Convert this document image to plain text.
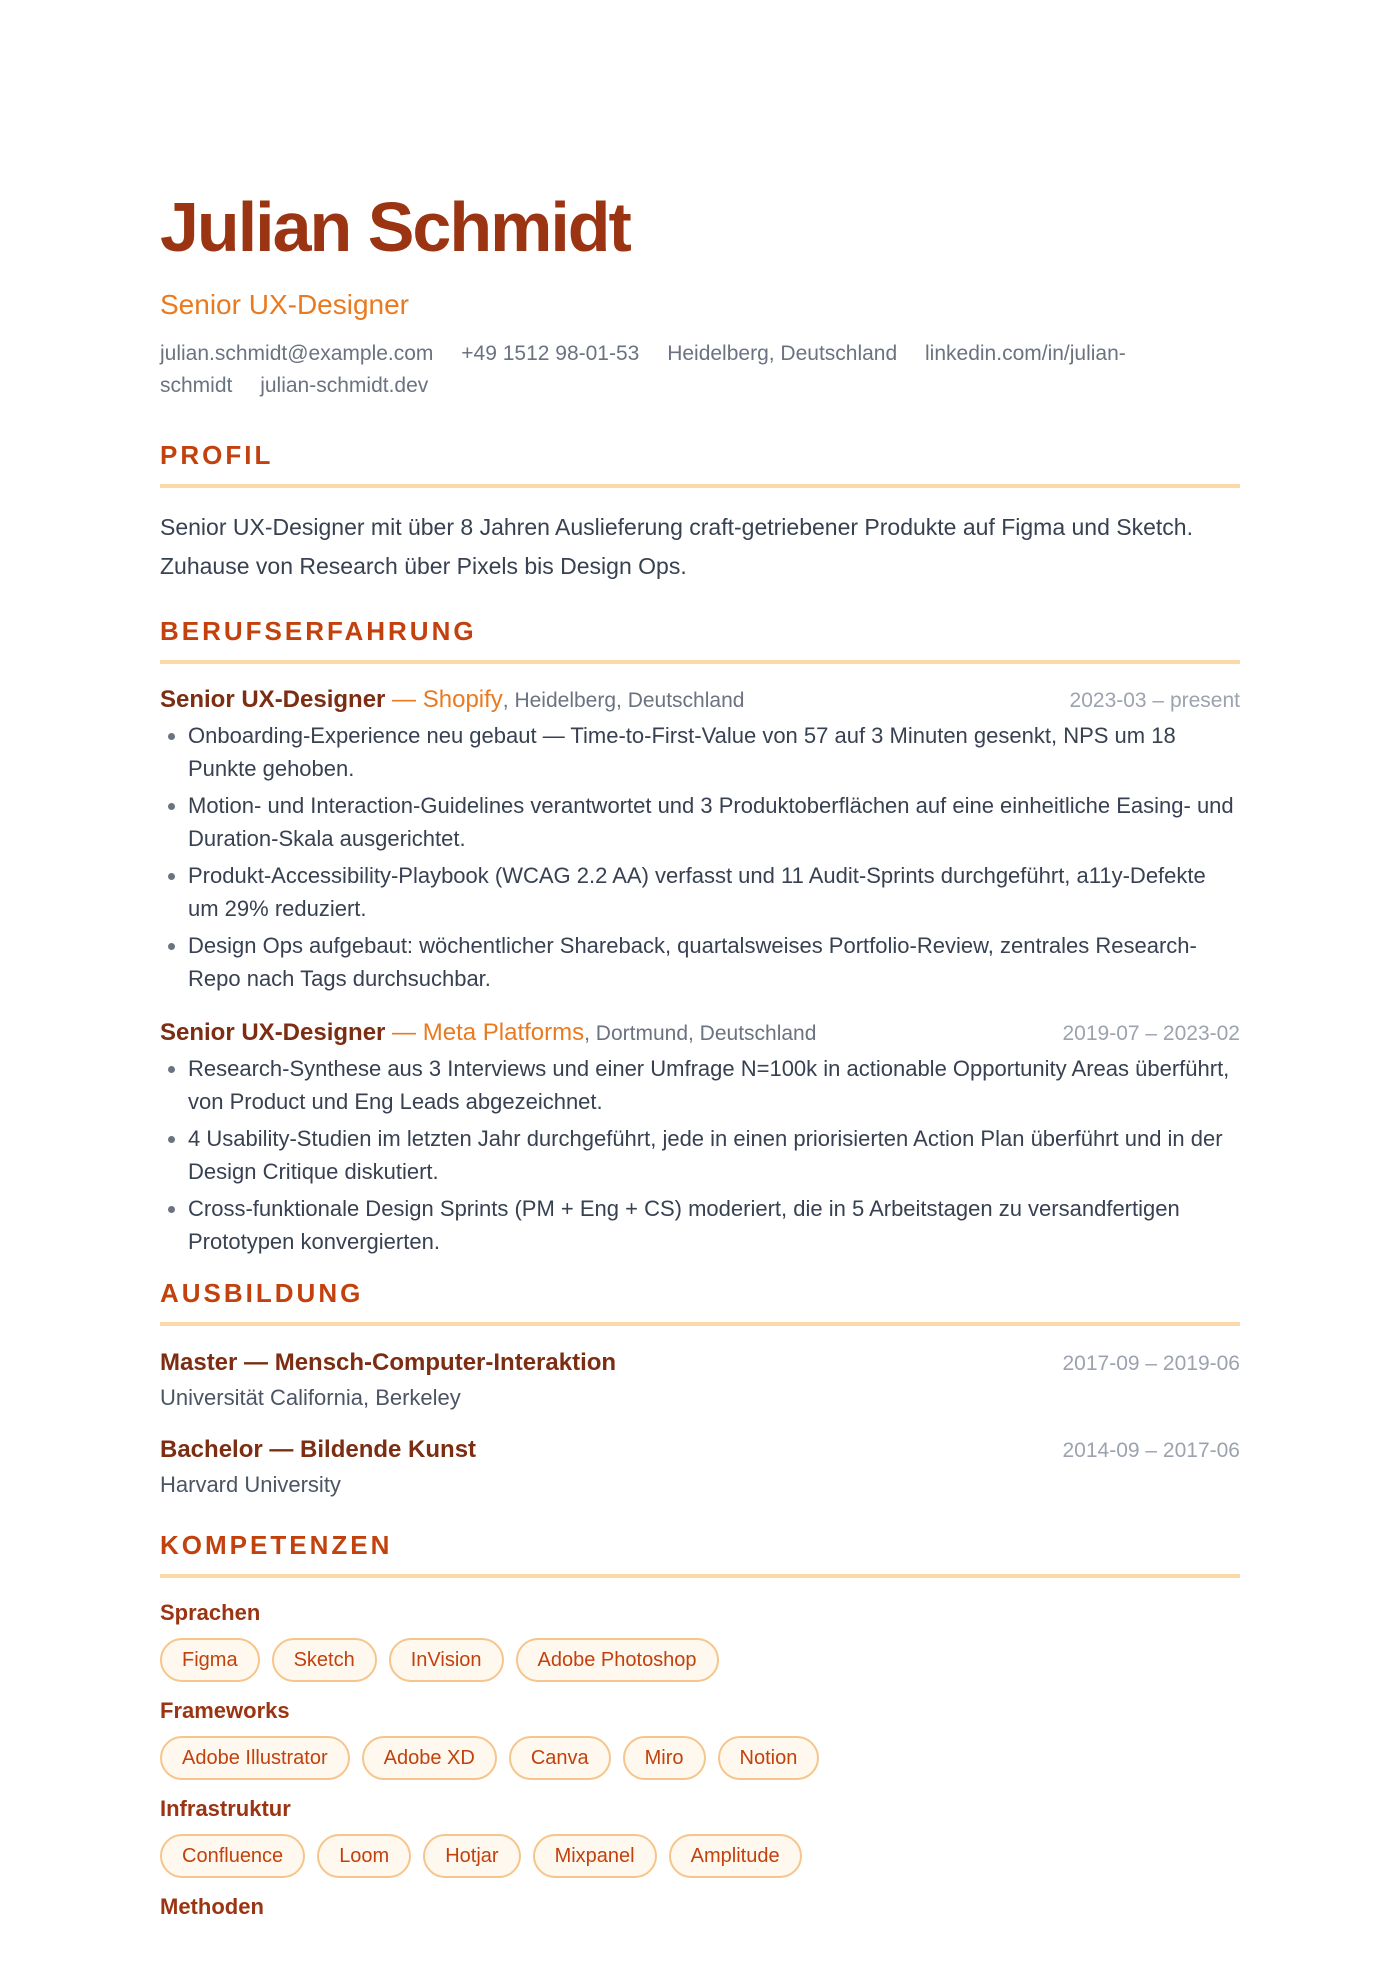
Julian Schmidt
Senior UX-Designer
julian.schmidt@example.com +49 1512 98-01-53 Heidelberg, Deutschland linkedin.com/in/julian-schmidt julian-schmidt.dev
PROFIL
Senior UX-Designer mit über 8 Jahren Auslieferung craft-getriebener Produkte auf Figma und Sketch. Zuhause von Research über Pixels bis Design Ops.
BERUFSERFAHRUNG
Senior UX-Designer — Shopify, Heidelberg, Deutschland	2023-03 – present
• Onboarding-Experience neu gebaut — Time-to-First-Value von 57 auf 3 Minuten gesenkt, NPS um 18 Punkte gehoben.
• Motion- und Interaction-Guidelines verantwortet und 3 Produktoberflächen auf eine einheitliche Easing- und Duration-Skala ausgerichtet.
• Produkt-Accessibility-Playbook (WCAG 2.2 AA) verfasst und 11 Audit-Sprints durchgeführt, a11y-Defekte um 29% reduziert.
• Design Ops aufgebaut: wöchentlicher Shareback, quartalsweises Portfolio-Review, zentrales Research-Repo nach Tags durchsuchbar.
Senior UX-Designer — Meta Platforms, Dortmund, Deutschland	2019-07 – 2023-02
• Research-Synthese aus 3 Interviews und einer Umfrage N=100k in actionable Opportunity Areas überführt, von Product und Eng Leads abgezeichnet.
• 4 Usability-Studien im letzten Jahr durchgeführt, jede in einen priorisierten Action Plan überführt und in der Design Critique diskutiert.
• Cross-funktionale Design Sprints (PM + Eng + CS) moderiert, die in 5 Arbeitstagen zu versandfertigen Prototypen konvergierten.
AUSBILDUNG
Master — Mensch-Computer-Interaktion	2017-09 – 2019-06
Universität California, Berkeley
Bachelor — Bildende Kunst	2014-09 – 2017-06
Harvard University
KOMPETENZEN
Sprachen
Figma	Sketch	InVision	Adobe Photoshop
Frameworks
Adobe Illustrator	Adobe XD	Canva	Miro	Notion
Infrastruktur
Confluence	Loom	Hotjar	Mixpanel	Amplitude
Methoden
